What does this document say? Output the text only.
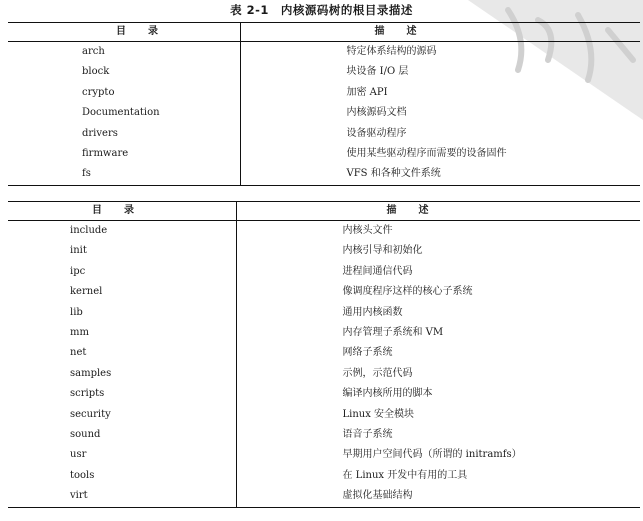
表 2-1　内核源码树的根目录描述
目　录	描　述
arch	特定体系结构的源码
block	块设备 I/O 层
crypto	加密 API
Documentation	内核源码文档
drivers	设备驱动程序
firmware	使用某些驱动程序而需要的设备固件
fs	VFS 和各种文件系统
目　录	描　述
include	内核头文件
init	内核引导和初始化
ipc	进程间通信代码
kernel	像调度程序这样的核心子系统
lib	通用内核函数
mm	内存管理子系统和 VM
net	网络子系统
samples	示例，示范代码
scripts	编译内核所用的脚本
security	Linux 安全模块
sound	语音子系统
usr	早期用户空间代码（所谓的 initramfs）
tools	在 Linux 开发中有用的工具
virt	虚拟化基础结构
